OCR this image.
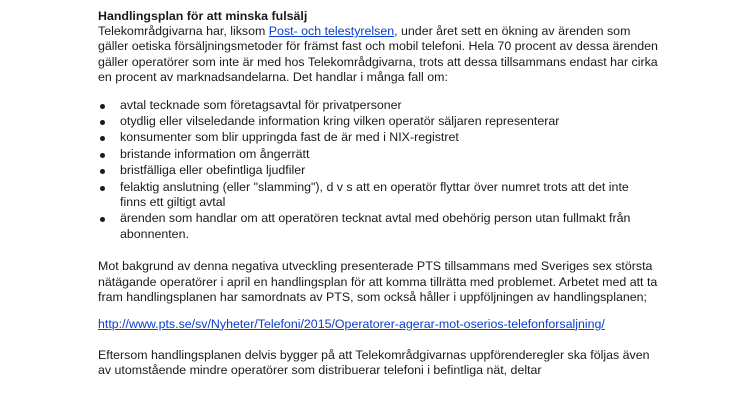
Handlingsplan för att minska fulsälj

Telekområdgivarna har, liksom Post- och telestyrelsen, under året sett en ökning av ärenden som gäller oetiska försäljningsmetoder för främst fast och mobil telefoni. Hela 70 procent av dessa ärenden gäller operatörer som inte är med hos Telekområdgivarna, trots att dessa tillsammans endast har cirka en procent av marknadsandelarna. Det handlar i många fall om:

avtal tecknade som företagsavtal för privatpersoner
otydlig eller vilseledande information kring vilken operatör säljaren representerar
konsumenter som blir uppringda fast de är med i NIX-registret
bristande information om ångerrätt
bristfälliga eller obefintliga ljudfiler
felaktig anslutning (eller "slamming"), d v s att en operatör flyttar över numret trots att det inte finns ett giltigt avtal
ärenden som handlar om att operatören tecknat avtal med obehörig person utan fullmakt från abonnenten.

Mot bakgrund av denna negativa utveckling presenterade PTS tillsammans med Sveriges sex största nätägande operatörer i april en handlingsplan för att komma tillrätta med problemet. Arbetet med att ta fram handlingsplanen har samordnats av PTS, som också håller i uppföljningen av handlingsplanen;

http://www.pts.se/sv/Nyheter/Telefoni/2015/Operatorer-agerar-mot-oserios-telefonforsaljning/

Eftersom handlingsplanen delvis bygger på att Telekområdgivarnas uppförenderegler ska följas även av utomstående mindre operatörer som distribuerar telefoni i befintliga nät, deltar
